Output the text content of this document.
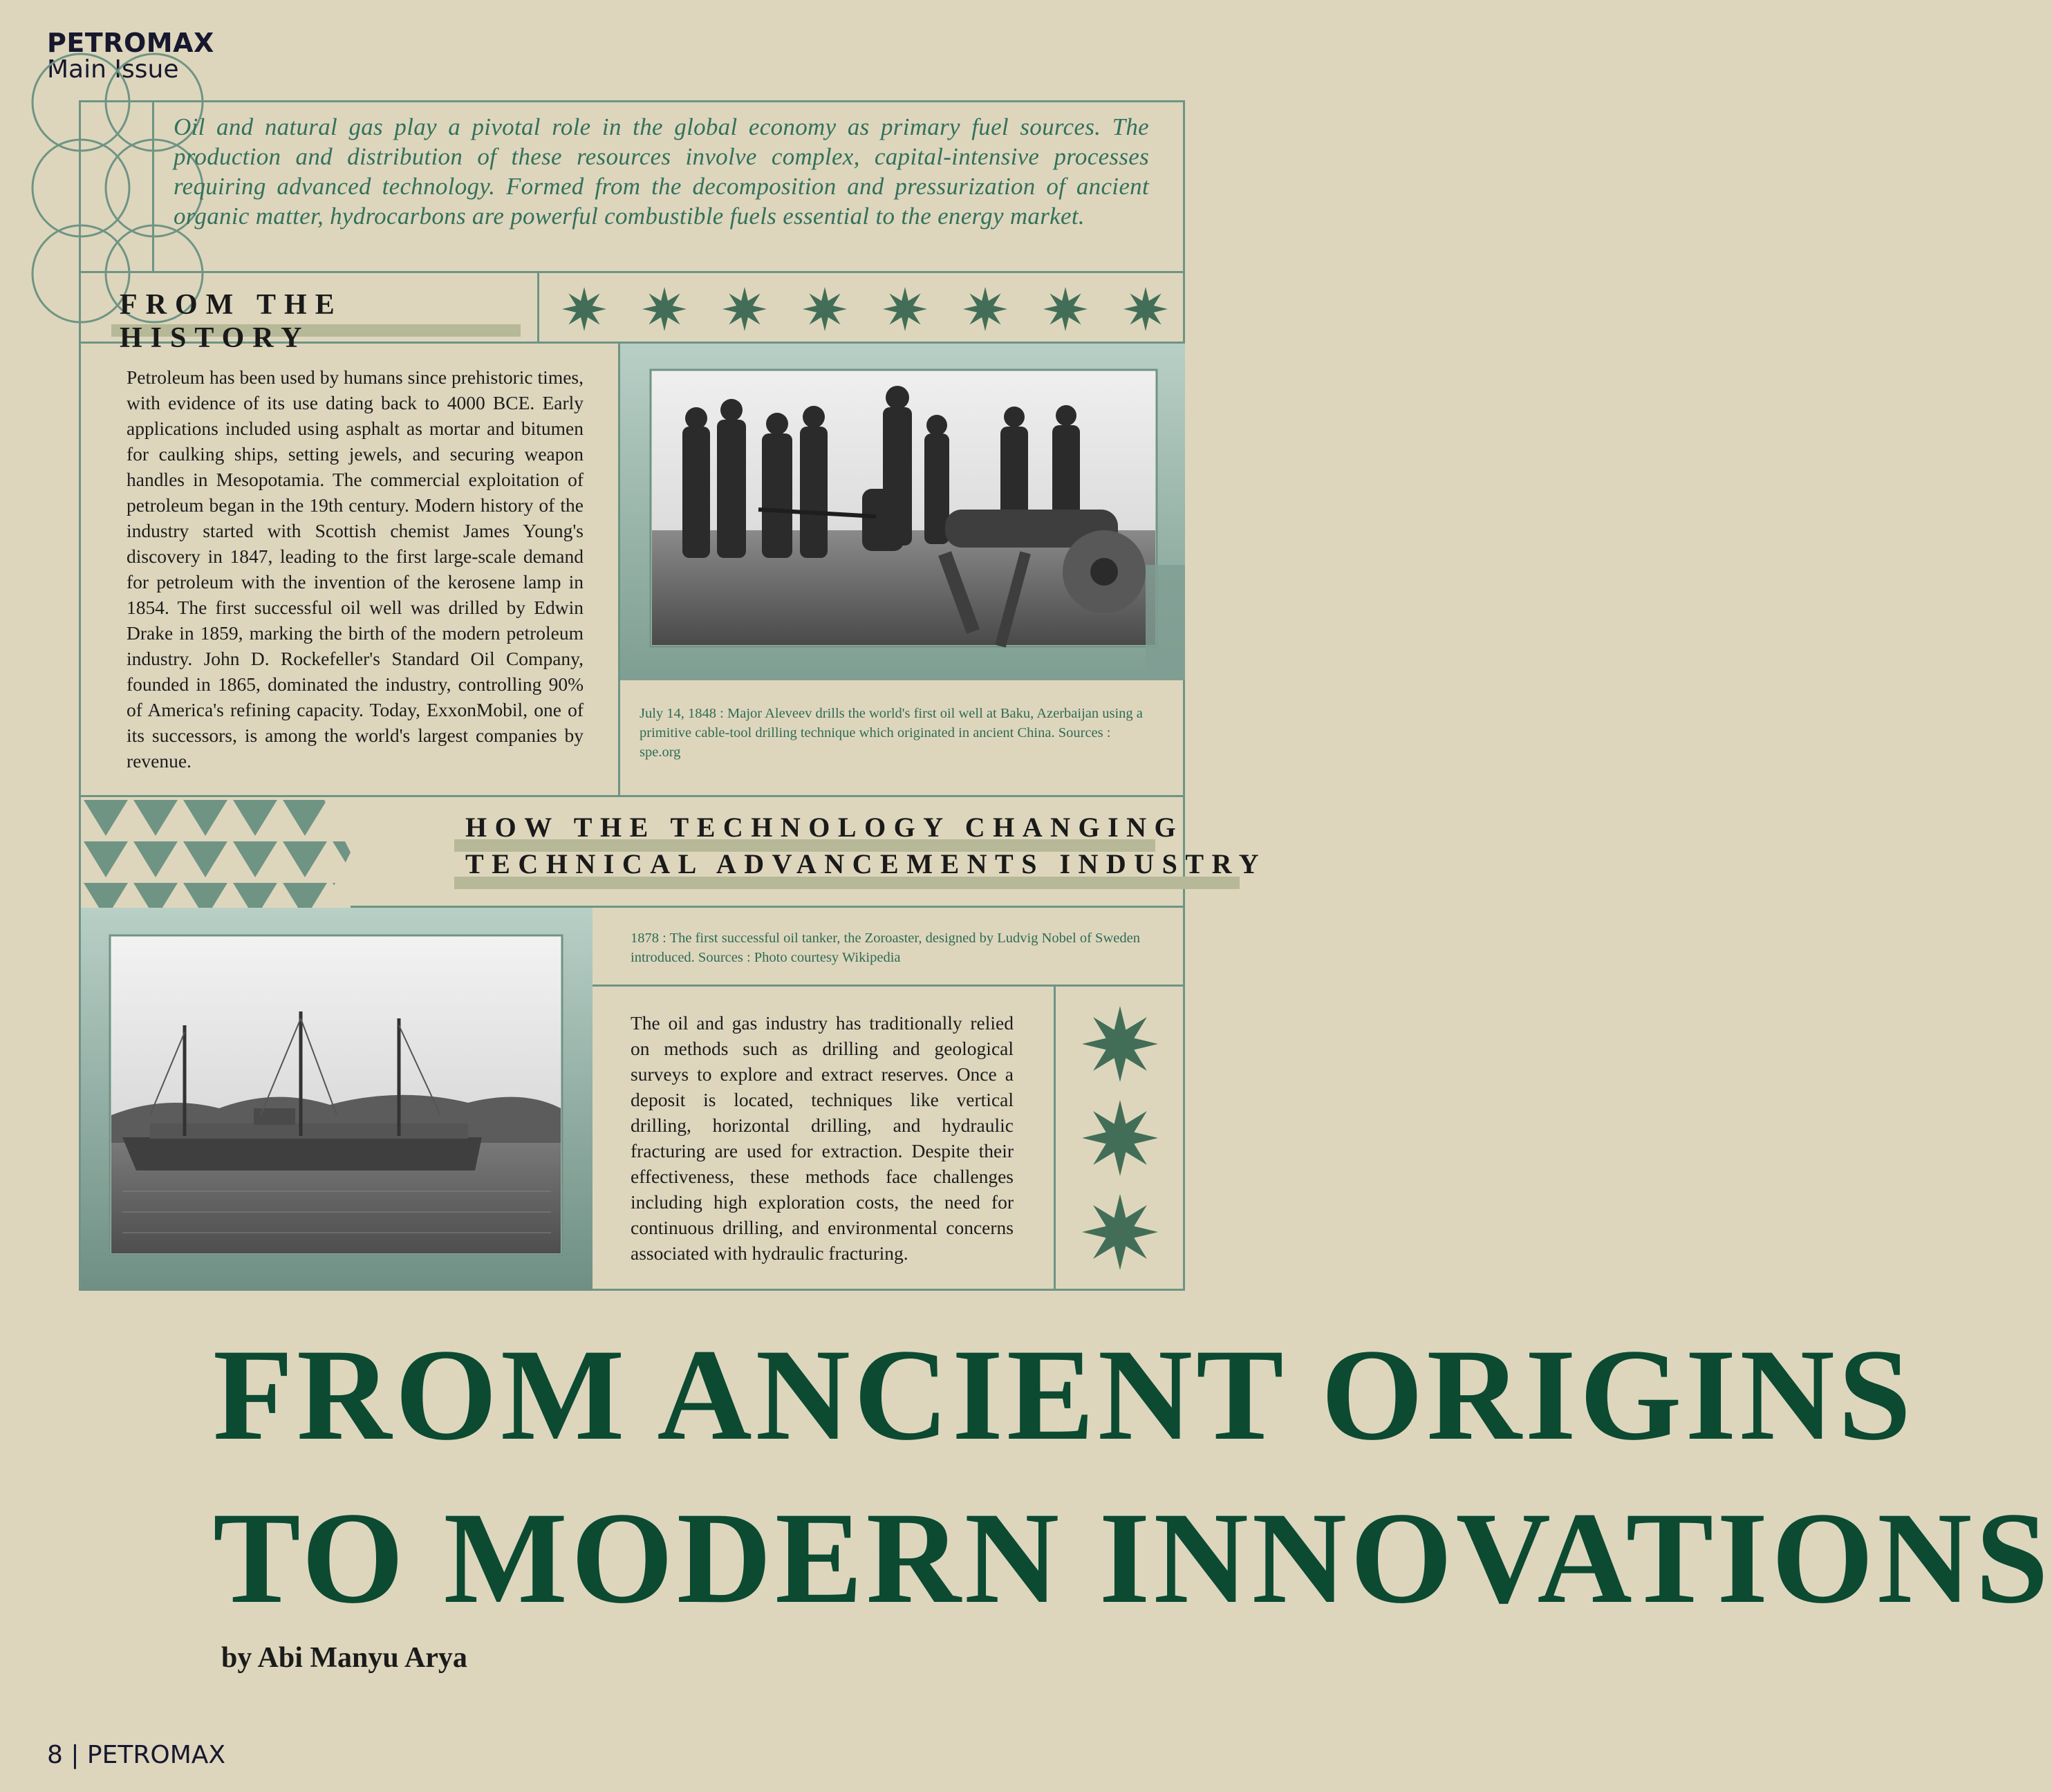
PETROMAX
Main Issue
Oil and natural gas play a pivotal role in the global economy as primary fuel sources. The production and distribution of these resources involve complex, capital-intensive processes requiring advanced technology. Formed from the decomposition and pressurization of ancient organic matter, hydrocarbons are powerful combustible fuels essential to the energy market.
FROM THE HISTORY
Petroleum has been used by humans since prehistoric times, with evidence of its use dating back to 4000 BCE. Early applications included using asphalt as mortar and bitumen for caulking ships, setting jewels, and securing weapon handles in Mesopotamia. The commercial exploitation of petroleum began in the 19th century. Modern history of the industry started with Scottish chemist James Young's discovery in 1847, leading to the first large-scale demand for petroleum with the invention of the kerosene lamp in 1854. The first successful oil well was drilled by Edwin Drake in 1859, marking the birth of the modern petroleum industry. John D. Rockefeller's Standard Oil Company, founded in 1865, dominated the industry, controlling 90% of America's refining capacity. Today, ExxonMobil, one of its successors, is among the world's largest companies by revenue.
July 14, 1848 : Major Aleveev drills the world's first oil well at Baku, Azerbaijan using a primitive cable-tool drilling technique which originated in ancient China. Sources : spe.org
HOW THE TECHNOLOGY CHANGING
TECHNICAL ADVANCEMENTS INDUSTRY
1878 : The first successful oil tanker, the Zoroaster, designed by Ludvig Nobel of Sweden introduced. Sources : Photo courtesy Wikipedia
The oil and gas industry has traditionally relied on methods such as drilling and geological surveys to explore and extract reserves. Once a deposit is located, techniques like vertical drilling, horizontal drilling, and hydraulic fracturing are used for extraction. Despite their effectiveness, these methods face challenges including high exploration costs, the need for continuous drilling, and environmental concerns associated with hydraulic fracturing.
FROM ANCIENT ORIGINS
TO MODERN INNOVATIONS
by Abi Manyu Arya
8 | PETROMAX
